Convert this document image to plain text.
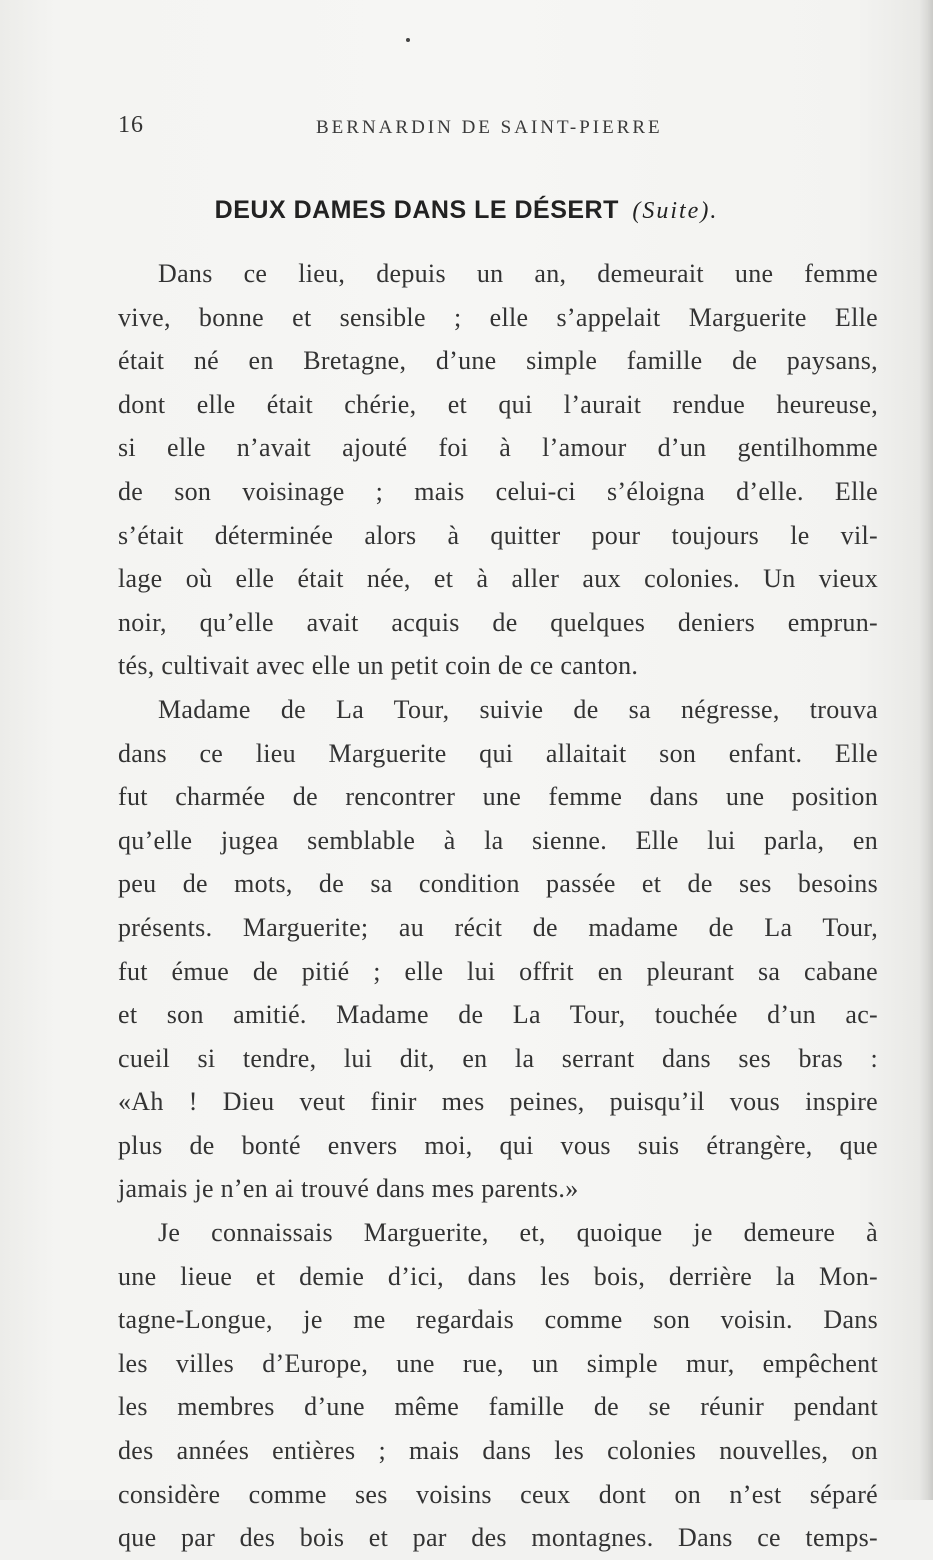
16	BERNARDIN DE SAINT-PIERRE
DEUX DAMES DANS LE DÉSERT (Suite).
Dans ce lieu, depuis un an, demeurait une femme
vive, bonne et sensible ; elle s’appelait Marguerite Elle
était né en Bretagne, d’une simple famille de paysans,
dont elle était chérie, et qui l’aurait rendue heureuse,
si elle n’avait ajouté foi à l’amour d’un gentilhomme
de son voisinage ; mais celui-ci s’éloigna d’elle. Elle
s’était déterminée alors à quitter pour toujours le vil-
lage où elle était née, et à aller aux colonies. Un vieux
noir, qu’elle avait acquis de quelques deniers emprun-
tés, cultivait avec elle un petit coin de ce canton.
Madame de La Tour, suivie de sa négresse, trouva
dans ce lieu Marguerite qui allaitait son enfant. Elle
fut charmée de rencontrer une femme dans une position
qu’elle jugea semblable à la sienne. Elle lui parla, en
peu de mots, de sa condition passée et de ses besoins
présents. Marguerite; au récit de madame de La Tour,
fut émue de pitié ; elle lui offrit en pleurant sa cabane
et son amitié. Madame de La Tour, touchée d’un ac-
cueil si tendre, lui dit, en la serrant dans ses bras :
«Ah ! Dieu veut finir mes peines, puisqu’il vous inspire
plus de bonté envers moi, qui vous suis étrangère, que
jamais je n’en ai trouvé dans mes parents.»
Je connaissais Marguerite, et, quoique je demeure à
une lieue et demie d’ici, dans les bois, derrière la Mon-
tagne-Longue, je me regardais comme son voisin. Dans
les villes d’Europe, une rue, un simple mur, empêchent
les membres d’une même famille de se réunir pendant
des années entières ; mais dans les colonies nouvelles, on
considère comme ses voisins ceux dont on n’est séparé
que par des bois et par des montagnes. Dans ce temps-
